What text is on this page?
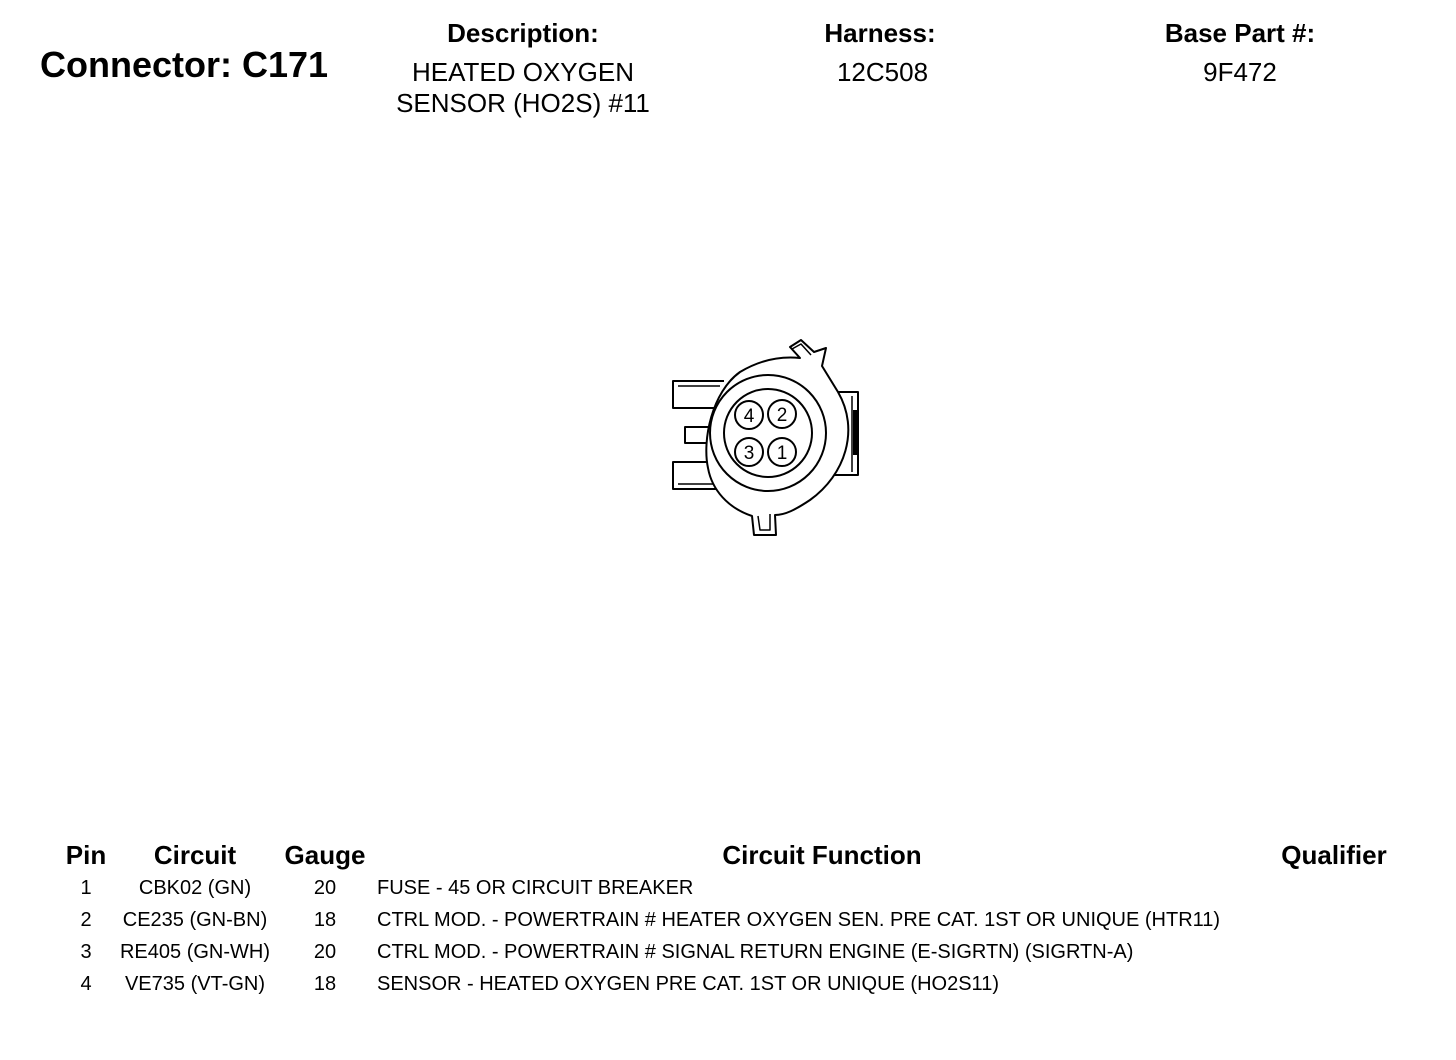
Connector: C171
Description:
HEATED OXYGEN
SENSOR (HO2S) #11
Harness:
12C508
Base Part #:
9F472
4 2
3 1
Pin	Circuit	Gauge	Circuit Function	Qualifier
1	CBK02 (GN)	20	FUSE - 45 OR CIRCUIT BREAKER
2	CE235 (GN-BN)	18	CTRL MOD. - POWERTRAIN # HEATER OXYGEN SEN. PRE CAT. 1ST OR UNIQUE (HTR11)
3	RE405 (GN-WH)	20	CTRL MOD. - POWERTRAIN # SIGNAL RETURN ENGINE (E-SIGRTN) (SIGRTN-A)
4	VE735 (VT-GN)	18	SENSOR - HEATED OXYGEN PRE CAT. 1ST OR UNIQUE (HO2S11)
